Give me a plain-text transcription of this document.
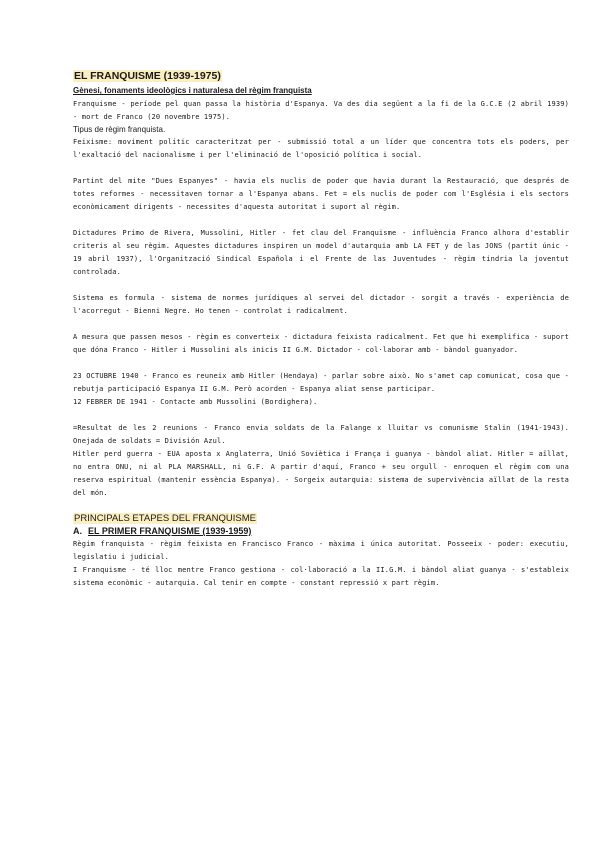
EL FRANQUISME (1939-1975)

Gènesi, fonaments ideològics i naturalesa del règim franquista

Franquisme - període pel quan passa la història d'Espanya. Va des dia següent a la fi de la G.C.E (2 abril 1939) - mort de Franco (20 novembre 1975).

Tipus de règim franquista.

Feixisme: moviment polític caracteritzat per - submissió total a un líder que concentra tots els poders, per l'exaltació del nacionalisme i per l'eliminació de l'oposició política i social.

Partint del mite "Dues Espanyes" - havia els nuclis de poder que havia durant la Restauració, que després de totes reformes - necessitaven tornar a l'Espanya abans. Fet = els nuclis de poder com l'Església i els sectors econòmicament dirigents - necessites d'aquesta autoritat i suport al règim.

Dictadures Primo de Rivera, Mussolini, Hitler - fet clau del Franquisme - influència Franco alhora d'establir criteris al seu règim. Aquestes dictadures inspiren un model d'autarquia amb LA FET y de las JONS (partit únic - 19 abril 1937), l'Organització Sindical Española i el Frente de las Juventudes - règim tindria la joventut controlada.

Sistema es formula - sistema de normes jurídiques al servei del dictador - sorgit a través - experiència de l'acorregut - Bienni Negre. Ho tenen - controlat i radicalment.

A mesura que passen mesos - règim es converteix - dictadura feixista radicalment. Fet que hi exemplifica - suport que dóna Franco - Hitler i Mussolini als inicis II G.M. Dictador - col·laborar amb - bàndol guanyador.

23 OCTUBRE 1940 - Franco es reuneix amb Hitler (Hendaya) - parlar sobre això. No s'amet cap comunicat, cosa que - rebutja participació Espanya II G.M. Però acorden - Espanya aliat sense participar.

12 FEBRER DE 1941 - Contacte amb Mussolini (Bordighera).

=Resultat de les 2 reunions - Franco envia soldats de la Falange x lluitar vs comunisme Stalin (1941-1943). Onejada de soldats = División Azul.

Hitler perd guerra - EUA aposta x Anglaterra, Unió Soviètica i França i guanya - bàndol aliat. Hitler = aïllat, no entra ONU, ni al PLA MARSHALL, ni G.F. A partir d'aquí, Franco + seu orgull - enroquen el règim com una reserva espiritual (mantenir essència Espanya). - Sorgeix autarquia: sistema de supervivència aïllat de la resta del món.

PRINCIPALS ETAPES DEL FRANQUISME

A. EL PRIMER FRANQUISME (1939-1959)

Règim franquista - règim feixista en Francisco Franco - màxima i única autoritat. Posseeix - poder: executiu, legislatiu i judicial.

I Franquisme - té lloc mentre Franco gestiona - col·laboració a la II.G.M. i bàndol aliat guanya - s'estableix sistema econòmic - autarquia. Cal tenir en compte - constant repressió x part règim.
